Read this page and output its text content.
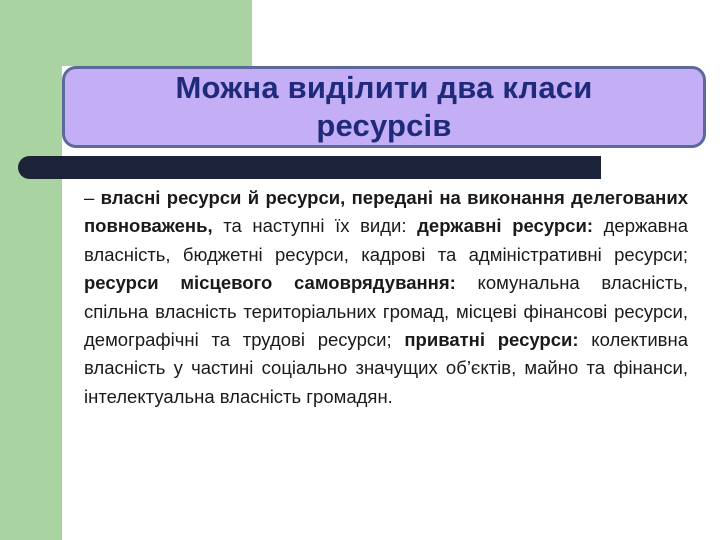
Можна виділити два класи
ресурсів

– власні ресурси й ресурси, передані на виконання делегованих повноважень, та наступні їх види: державні ресурси: державна власність, бюджетні ресурси, кадрові та адміністративні ресурси; ресурси місцевого самоврядування: комунальна власність, спільна власність територіальних громад, місцеві фінансові ресурси, демографічні та трудові ресурси; приватні ресурси: колективна власність у частині соціально значущих об’єктів, майно та фінанси, інтелектуальна власність громадян.
